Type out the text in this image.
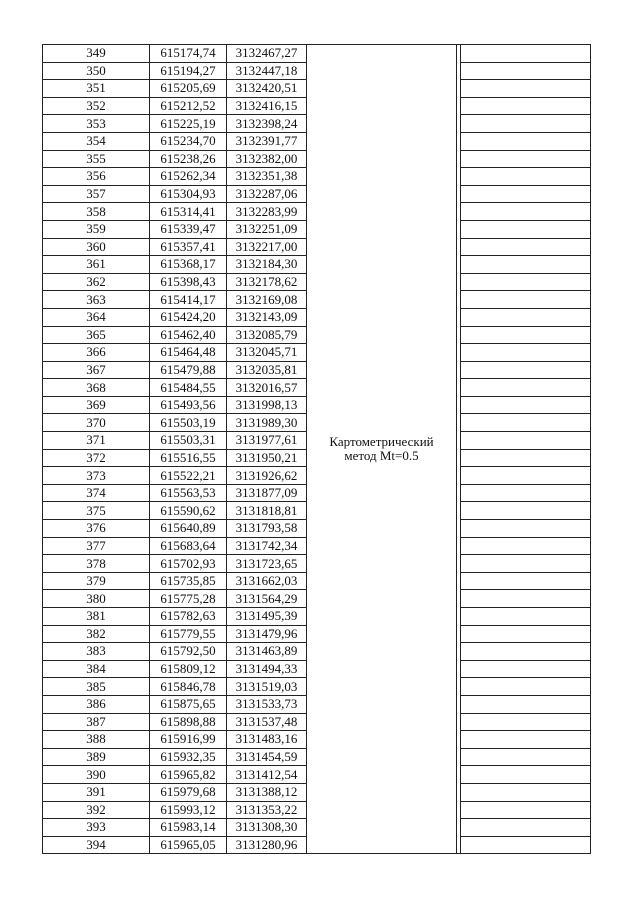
349	615174,74	3132467,27	Картометрический
метод Mt=0.5		

350	615194,27	3132447,18			
351	615205,69	3132420,51			
352	615212,52	3132416,15			
353	615225,19	3132398,24			
354	615234,70	3132391,77			
355	615238,26	3132382,00			
356	615262,34	3132351,38			
357	615304,93	3132287,06			
358	615314,41	3132283,99			
359	615339,47	3132251,09			
360	615357,41	3132217,00			
361	615368,17	3132184,30			
362	615398,43	3132178,62			
363	615414,17	3132169,08			
364	615424,20	3132143,09			
365	615462,40	3132085,79			
366	615464,48	3132045,71			
367	615479,88	3132035,81			
368	615484,55	3132016,57			
369	615493,56	3131998,13			
370	615503,19	3131989,30			
371	615503,31	3131977,61			
372	615516,55	3131950,21			
373	615522,21	3131926,62			
374	615563,53	3131877,09			
375	615590,62	3131818,81			
376	615640,89	3131793,58			
377	615683,64	3131742,34			
378	615702,93	3131723,65			
379	615735,85	3131662,03			
380	615775,28	3131564,29			
381	615782,63	3131495,39			
382	615779,55	3131479,96			
383	615792,50	3131463,89			
384	615809,12	3131494,33			
385	615846,78	3131519,03			
386	615875,65	3131533,73			
387	615898,88	3131537,48			
388	615916,99	3131483,16			
389	615932,35	3131454,59			
390	615965,82	3131412,54			
391	615979,68	3131388,12			
392	615993,12	3131353,22			
393	615983,14	3131308,30			
394	615965,05	3131280,96			
